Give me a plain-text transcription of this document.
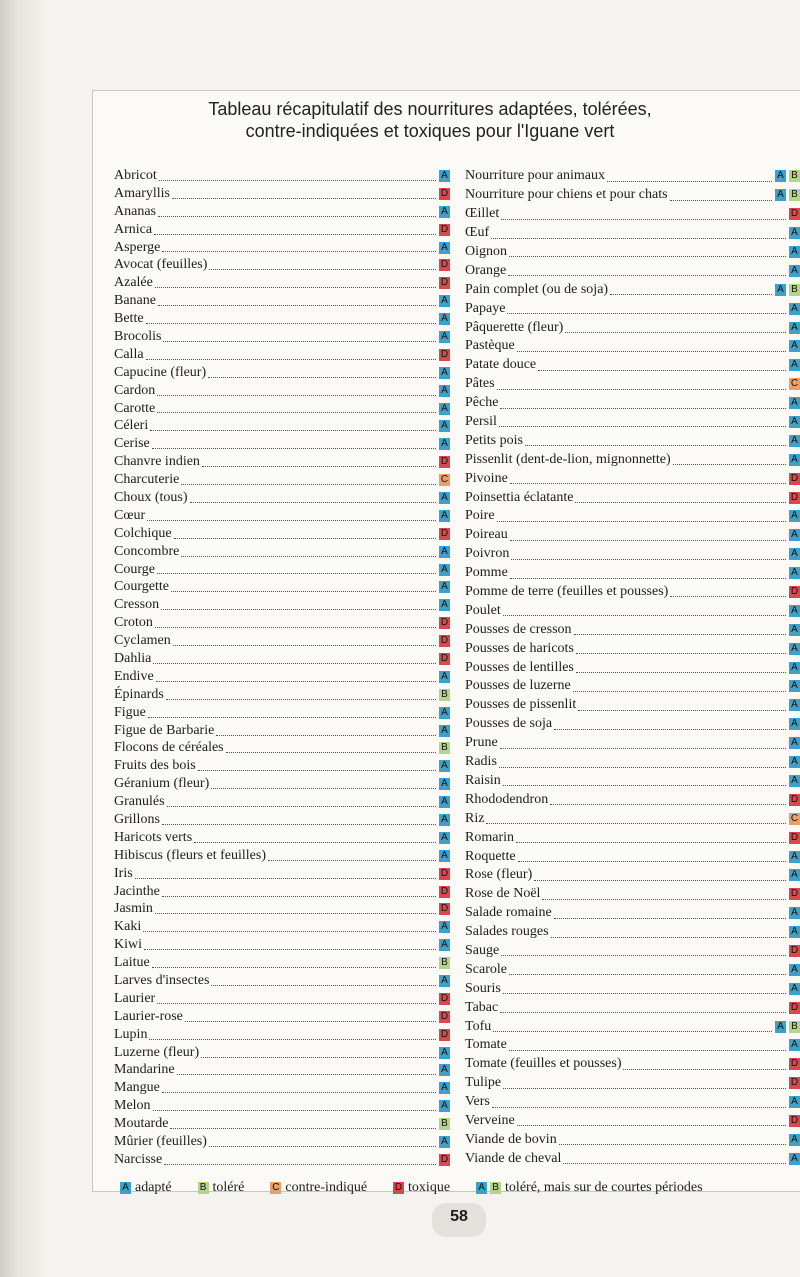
Tableau récapitulatif des nourritures adaptées, tolérées,
contre-indiquées et toxiques pour l'Iguane vert
Abricot	A
Amaryllis	D
Ananas	A
Arnica	D
Asperge	A
Avocat (feuilles)	D
Azalée	D
Banane	A
Bette	A
Brocolis	A
Calla	D
Capucine (fleur)	A
Cardon	A
Carotte	A
Céleri	A
Cerise	A
Chanvre indien	D
Charcuterie	C
Choux (tous)	A
Cœur	A
Colchique	D
Concombre	A
Courge	A
Courgette	A
Cresson	A
Croton	D
Cyclamen	D
Dahlia	D
Endive	A
Épinards	B
Figue	A
Figue de Barbarie	A
Flocons de céréales	B
Fruits des bois	A
Géranium (fleur)	A
Granulés	A
Grillons	A
Haricots verts	A
Hibiscus (fleurs et feuilles)	A
Iris	D
Jacinthe	D
Jasmin	D
Kaki	A
Kiwi	A
Laitue	B
Larves d'insectes	A
Laurier	D
Laurier-rose	D
Lupin	D
Luzerne (fleur)	A
Mandarine	A
Mangue	A
Melon	A
Moutarde	B
Mûrier (feuilles)	A
Narcisse	D
Nourriture pour animaux	A B
Nourriture pour chiens et pour chats	A B
Œillet	D
Œuf	A
Oignon	A
Orange	A
Pain complet (ou de soja)	A B
Papaye	A
Pâquerette (fleur)	A
Pastèque	A
Patate douce	A
Pâtes	C
Pêche	A
Persil	A
Petits pois	A
Pissenlit (dent-de-lion, mignonnette)	A
Pivoine	D
Poinsettia éclatante	D
Poire	A
Poireau	A
Poivron	A
Pomme	A
Pomme de terre (feuilles et pousses)	D
Poulet	A
Pousses de cresson	A
Pousses de haricots	A
Pousses de lentilles	A
Pousses de luzerne	A
Pousses de pissenlit	A
Pousses de soja	A
Prune	A
Radis	A
Raisin	A
Rhododendron	D
Riz	C
Romarin	D
Roquette	A
Rose (fleur)	A
Rose de Noël	D
Salade romaine	A
Salades rouges	A
Sauge	D
Scarole	A
Souris	A
Tabac	D
Tofu	A B
Tomate	A
Tomate (feuilles et pousses)	D
Tulipe	D
Vers	A
Verveine	D
Viande de bovin	A
Viande de cheval	A
A adapté	B toléré	C contre-indiqué	D toxique	A B toléré, mais sur de courtes périodes
58
